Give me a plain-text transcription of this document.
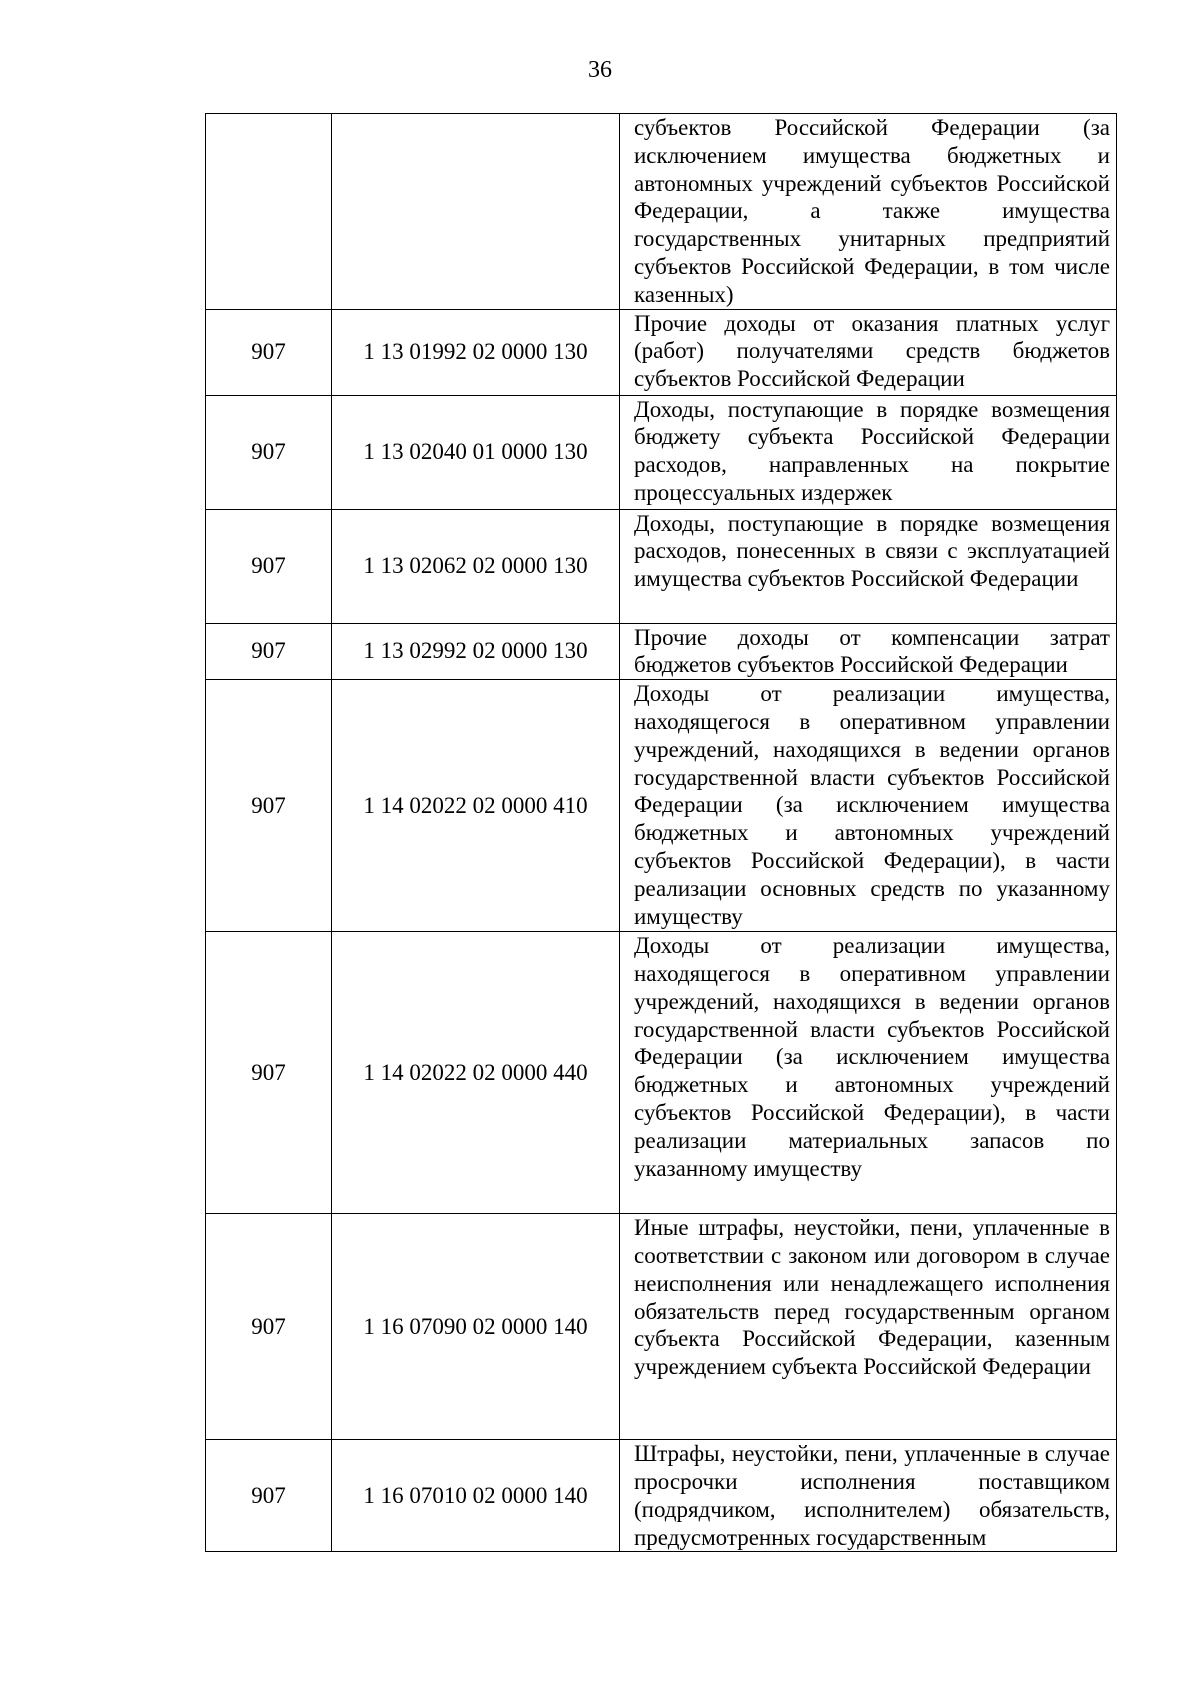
36
		субъектов Российской Федерации (за исключением имущества бюджетных и автономных учреждений субъектов Российской Федерации, а также имущества государственных унитарных предприятий субъектов Российской Федерации, в том числе казенных)
907	1 13 01992 02 0000 130	Прочие доходы от оказания платных услуг (работ) получателями средств бюджетов субъектов Российской Федерации
907	1 13 02040 01 0000 130	Доходы, поступающие в порядке возмещения бюджету субъекта Российской Федерации расходов, направленных на покрытие процессуальных издержек
907	1 13 02062 02 0000 130	Доходы, поступающие в порядке возмещения расходов, понесенных в связи с эксплуатацией имущества субъектов Российской Федерации
907	1 13 02992 02 0000 130	Прочие доходы от компенсации затрат бюджетов субъектов Российской Федерации
907	1 14 02022 02 0000 410	Доходы от реализации имущества, находящегося в оперативном управлении учреждений, находящихся в ведении органов государственной власти субъектов Российской Федерации (за исключением имущества бюджетных и автономных учреждений субъектов Российской Федерации), в части реализации основных средств по указанному имуществу
907	1 14 02022 02 0000 440	Доходы от реализации имущества, находящегося в оперативном управлении учреждений, находящихся в ведении органов государственной власти субъектов Российской Федерации (за исключением имущества бюджетных и автономных учреждений субъектов Российской Федерации), в части реализации материальных запасов по указанному имуществу
907	1 16 07090 02 0000 140	Иные штрафы, неустойки, пени, уплаченные в соответствии с законом или договором в случае неисполнения или ненадлежащего исполнения обязательств перед государственным органом субъекта Российской Федерации, казенным учреждением субъекта Российской Федерации
907	1 16 07010 02 0000 140	Штрафы, неустойки, пени, уплаченные в случае просрочки исполнения поставщиком (подрядчиком, исполнителем) обязательств, предусмотренных государственным
